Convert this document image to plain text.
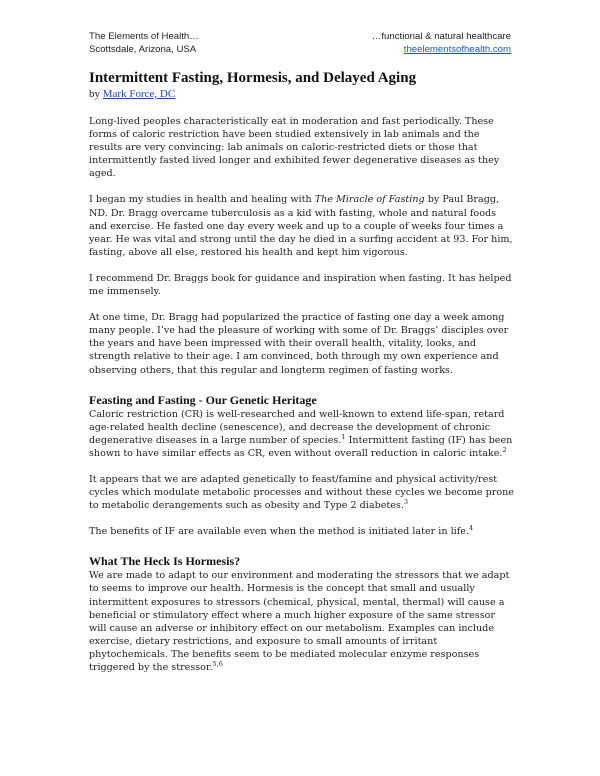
The Elements of Health…
Scottsdale, Arizona, USA
…functional & natural healthcare
theelementsofhealth.com
Intermittent Fasting, Hormesis, and Delayed Aging
by Mark Force, DC

Long-lived peoples characteristically eat in moderation and fast periodically. These forms of caloric restriction have been studied extensively in lab animals and the results are very convincing: lab animals on caloric-restricted diets or those that intermittently fasted lived longer and exhibited fewer degenerative diseases as they aged.

I began my studies in health and healing with The Miracle of Fasting by Paul Bragg, ND. Dr. Bragg overcame tuberculosis as a kid with fasting, whole and natural foods and exercise. He fasted one day every week and up to a couple of weeks four times a year. He was vital and strong until the day he died in a surfing accident at 93. For him, fasting, above all else, restored his health and kept him vigorous.

I recommend Dr. Braggs book for guidance and inspiration when fasting. It has helped me immensely.

At one time, Dr. Bragg had popularized the practice of fasting one day a week among many people. I’ve had the pleasure of working with some of Dr. Braggs’ disciples over the years and have been impressed with their overall health, vitality, looks, and strength relative to their age. I am convinced, both through my own experience and observing others, that this regular and longterm regimen of fasting works.

Feasting and Fasting - Our Genetic Heritage

Caloric restriction (CR) is well-researched and well-known to extend life-span, retard age-related health decline (senescence), and decrease the development of chronic degenerative diseases in a large number of species.$^1$ Intermittent fasting (IF) has been shown to have similar effects as CR, even without overall reduction in caloric intake.$^2$

It appears that we are adapted genetically to feast/famine and physical activity/rest cycles which modulate metabolic processes and without these cycles we become prone to metabolic derangements such as obesity and Type 2 diabetes.$^3$

The benefits of IF are available even when the method is initiated later in life.$^4$

What The Heck Is Hormesis?

We are made to adapt to our environment and moderating the stressors that we adapt to seems to improve our health. Hormesis is the concept that small and usually intermittent exposures to stressors (chemical, physical, mental, thermal) will cause a beneficial or stimulatory effect where a much higher exposure of the same stressor will cause an adverse or inhibitory effect on our metabolism. Examples can include exercise, dietary restrictions, and exposure to small amounts of irritant phytochemicals. The benefits seem to be mediated molecular enzyme responses triggered by the stressor.$^{5,6}$
